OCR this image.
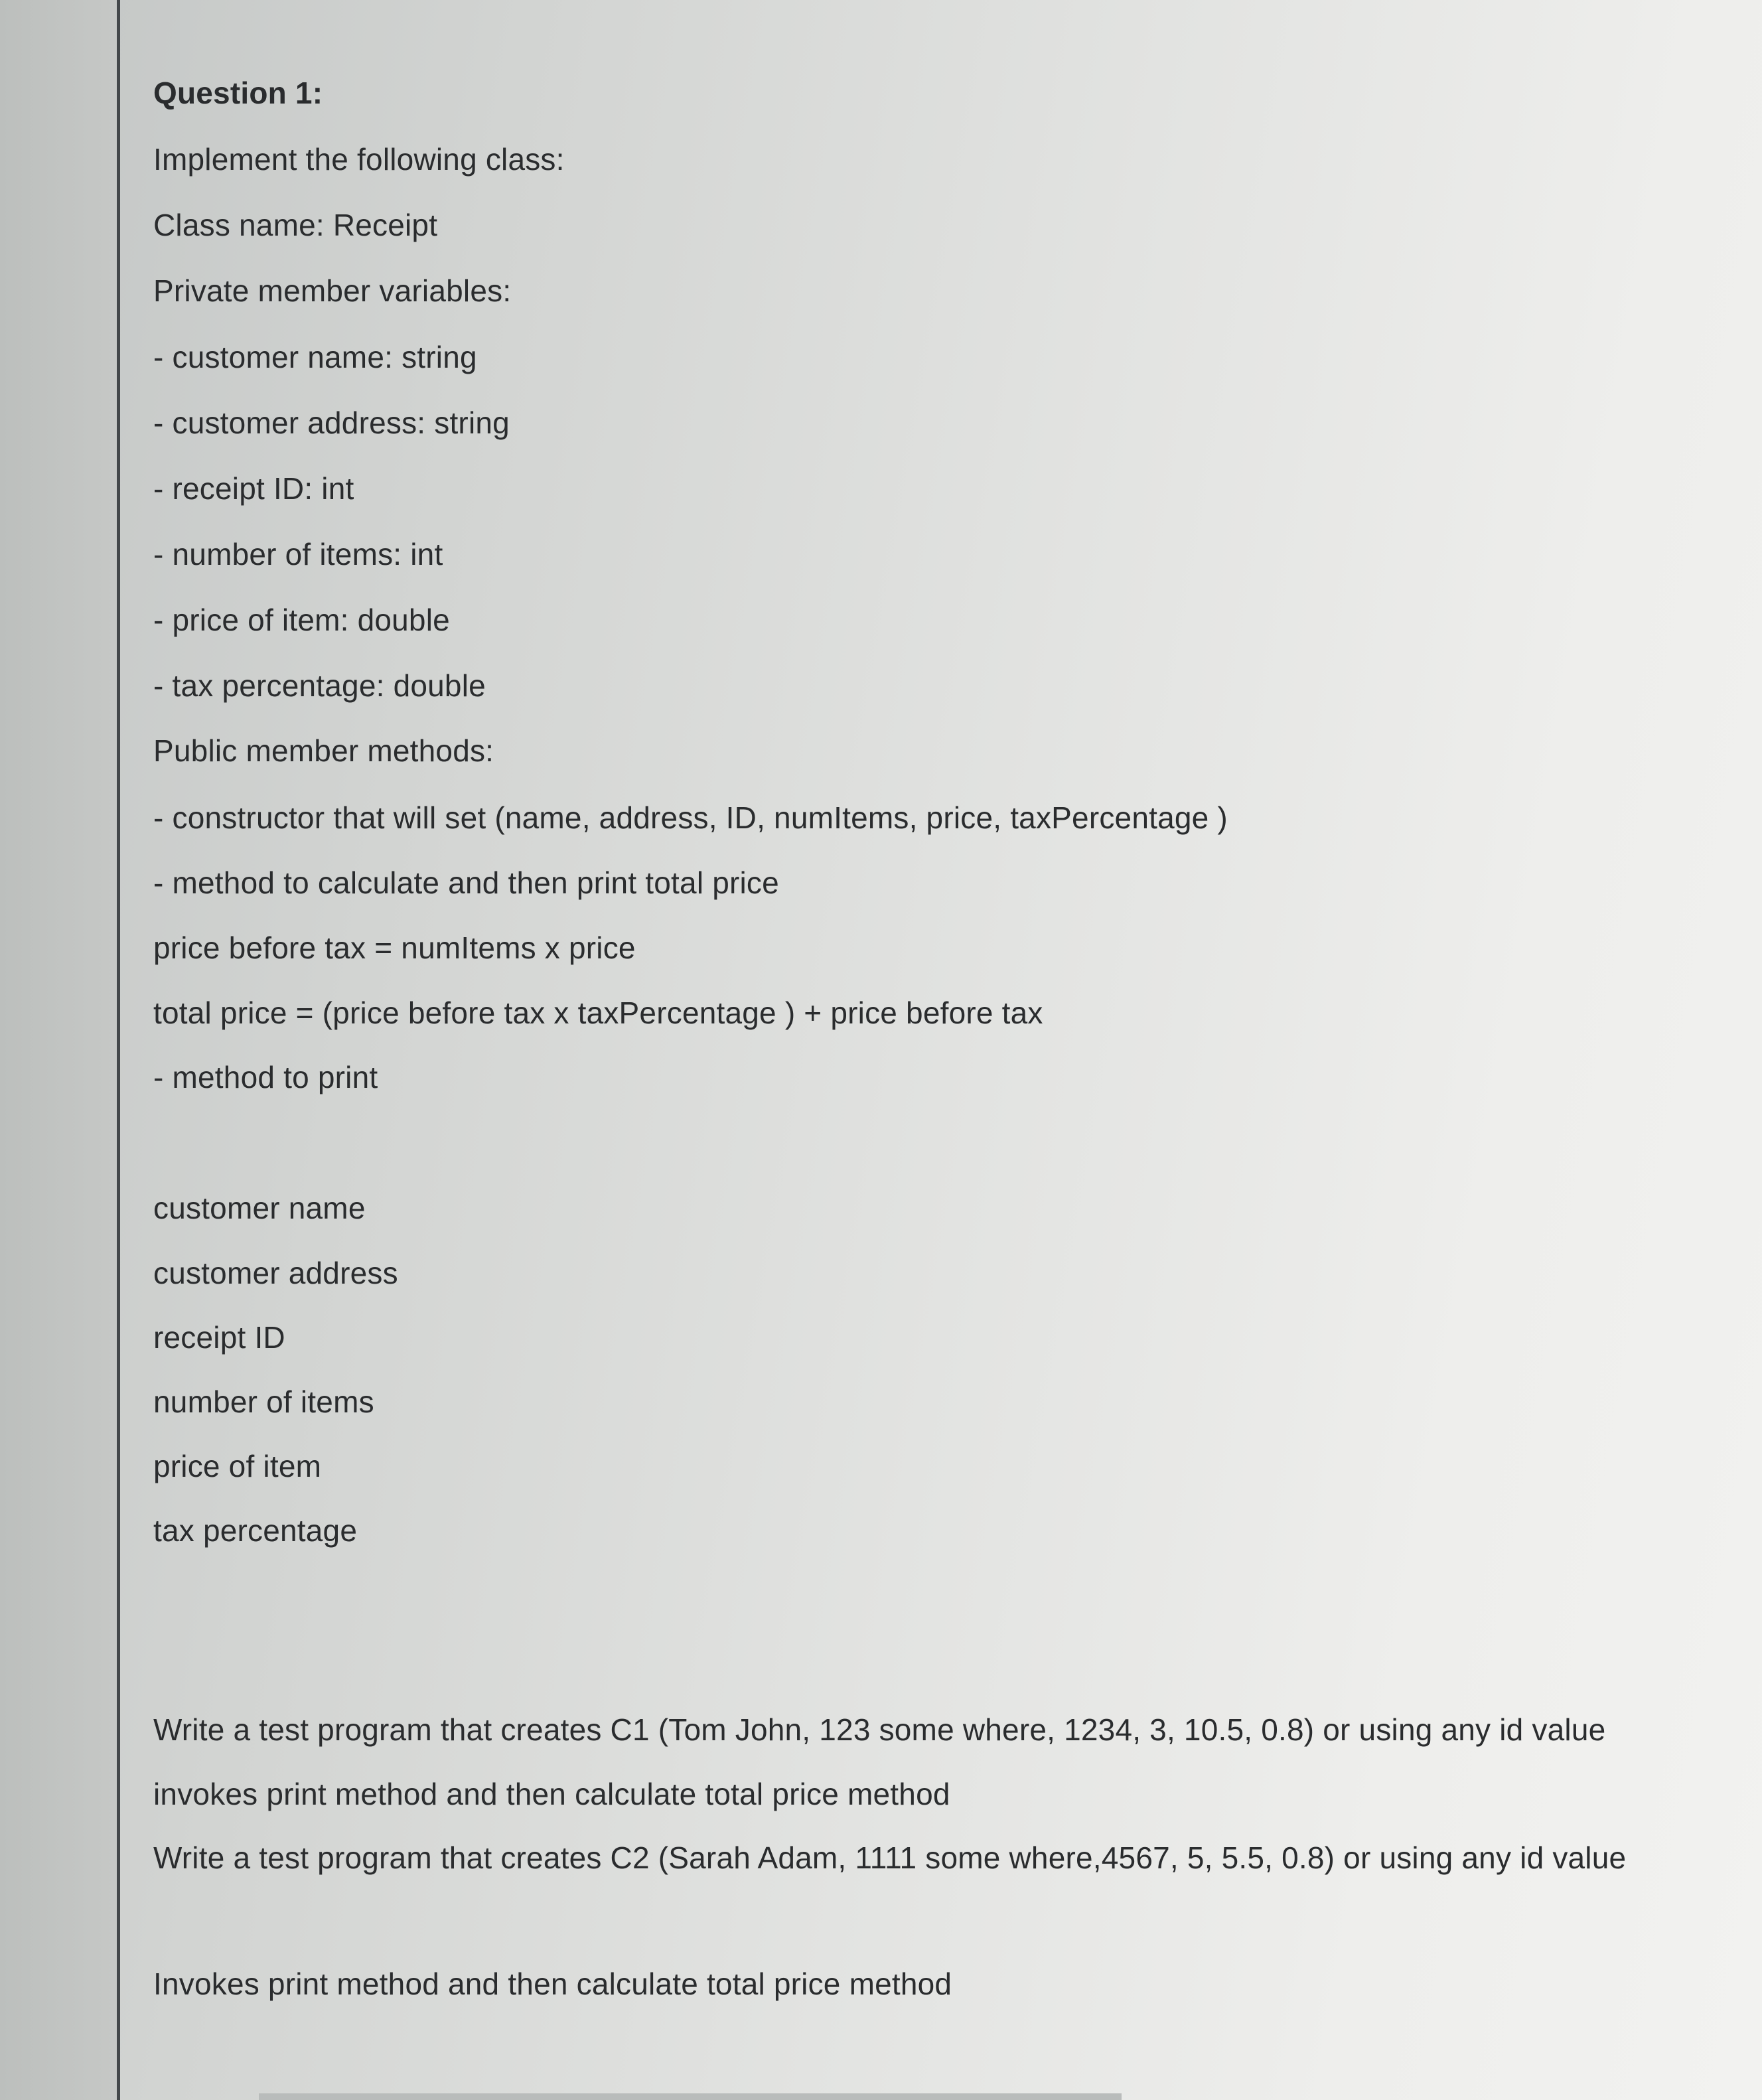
Question 1:

Implement the following class:

Class name: Receipt

Private member variables:

- customer name: string

- customer address: string

- receipt ID: int

- number of items: int

- price of item: double

- tax percentage: double

Public member methods:

- constructor that will set (name, address, ID, numItems, price, taxPercentage )

- method to calculate and then print total price

price before tax = numItems x price

total price = (price before tax x taxPercentage ) + price before tax

- method to print

customer name

customer address

receipt ID

number of items

price of item

tax percentage

Write a test program that creates C1 (Tom John, 123 some where, 1234, 3, 10.5, 0.8) or using any id value

invokes print method and then calculate total price method

Write a test program that creates C2 (Sarah Adam, 1111 some where,4567, 5, 5.5, 0.8) or using any id value

Invokes print method and then calculate total price method
